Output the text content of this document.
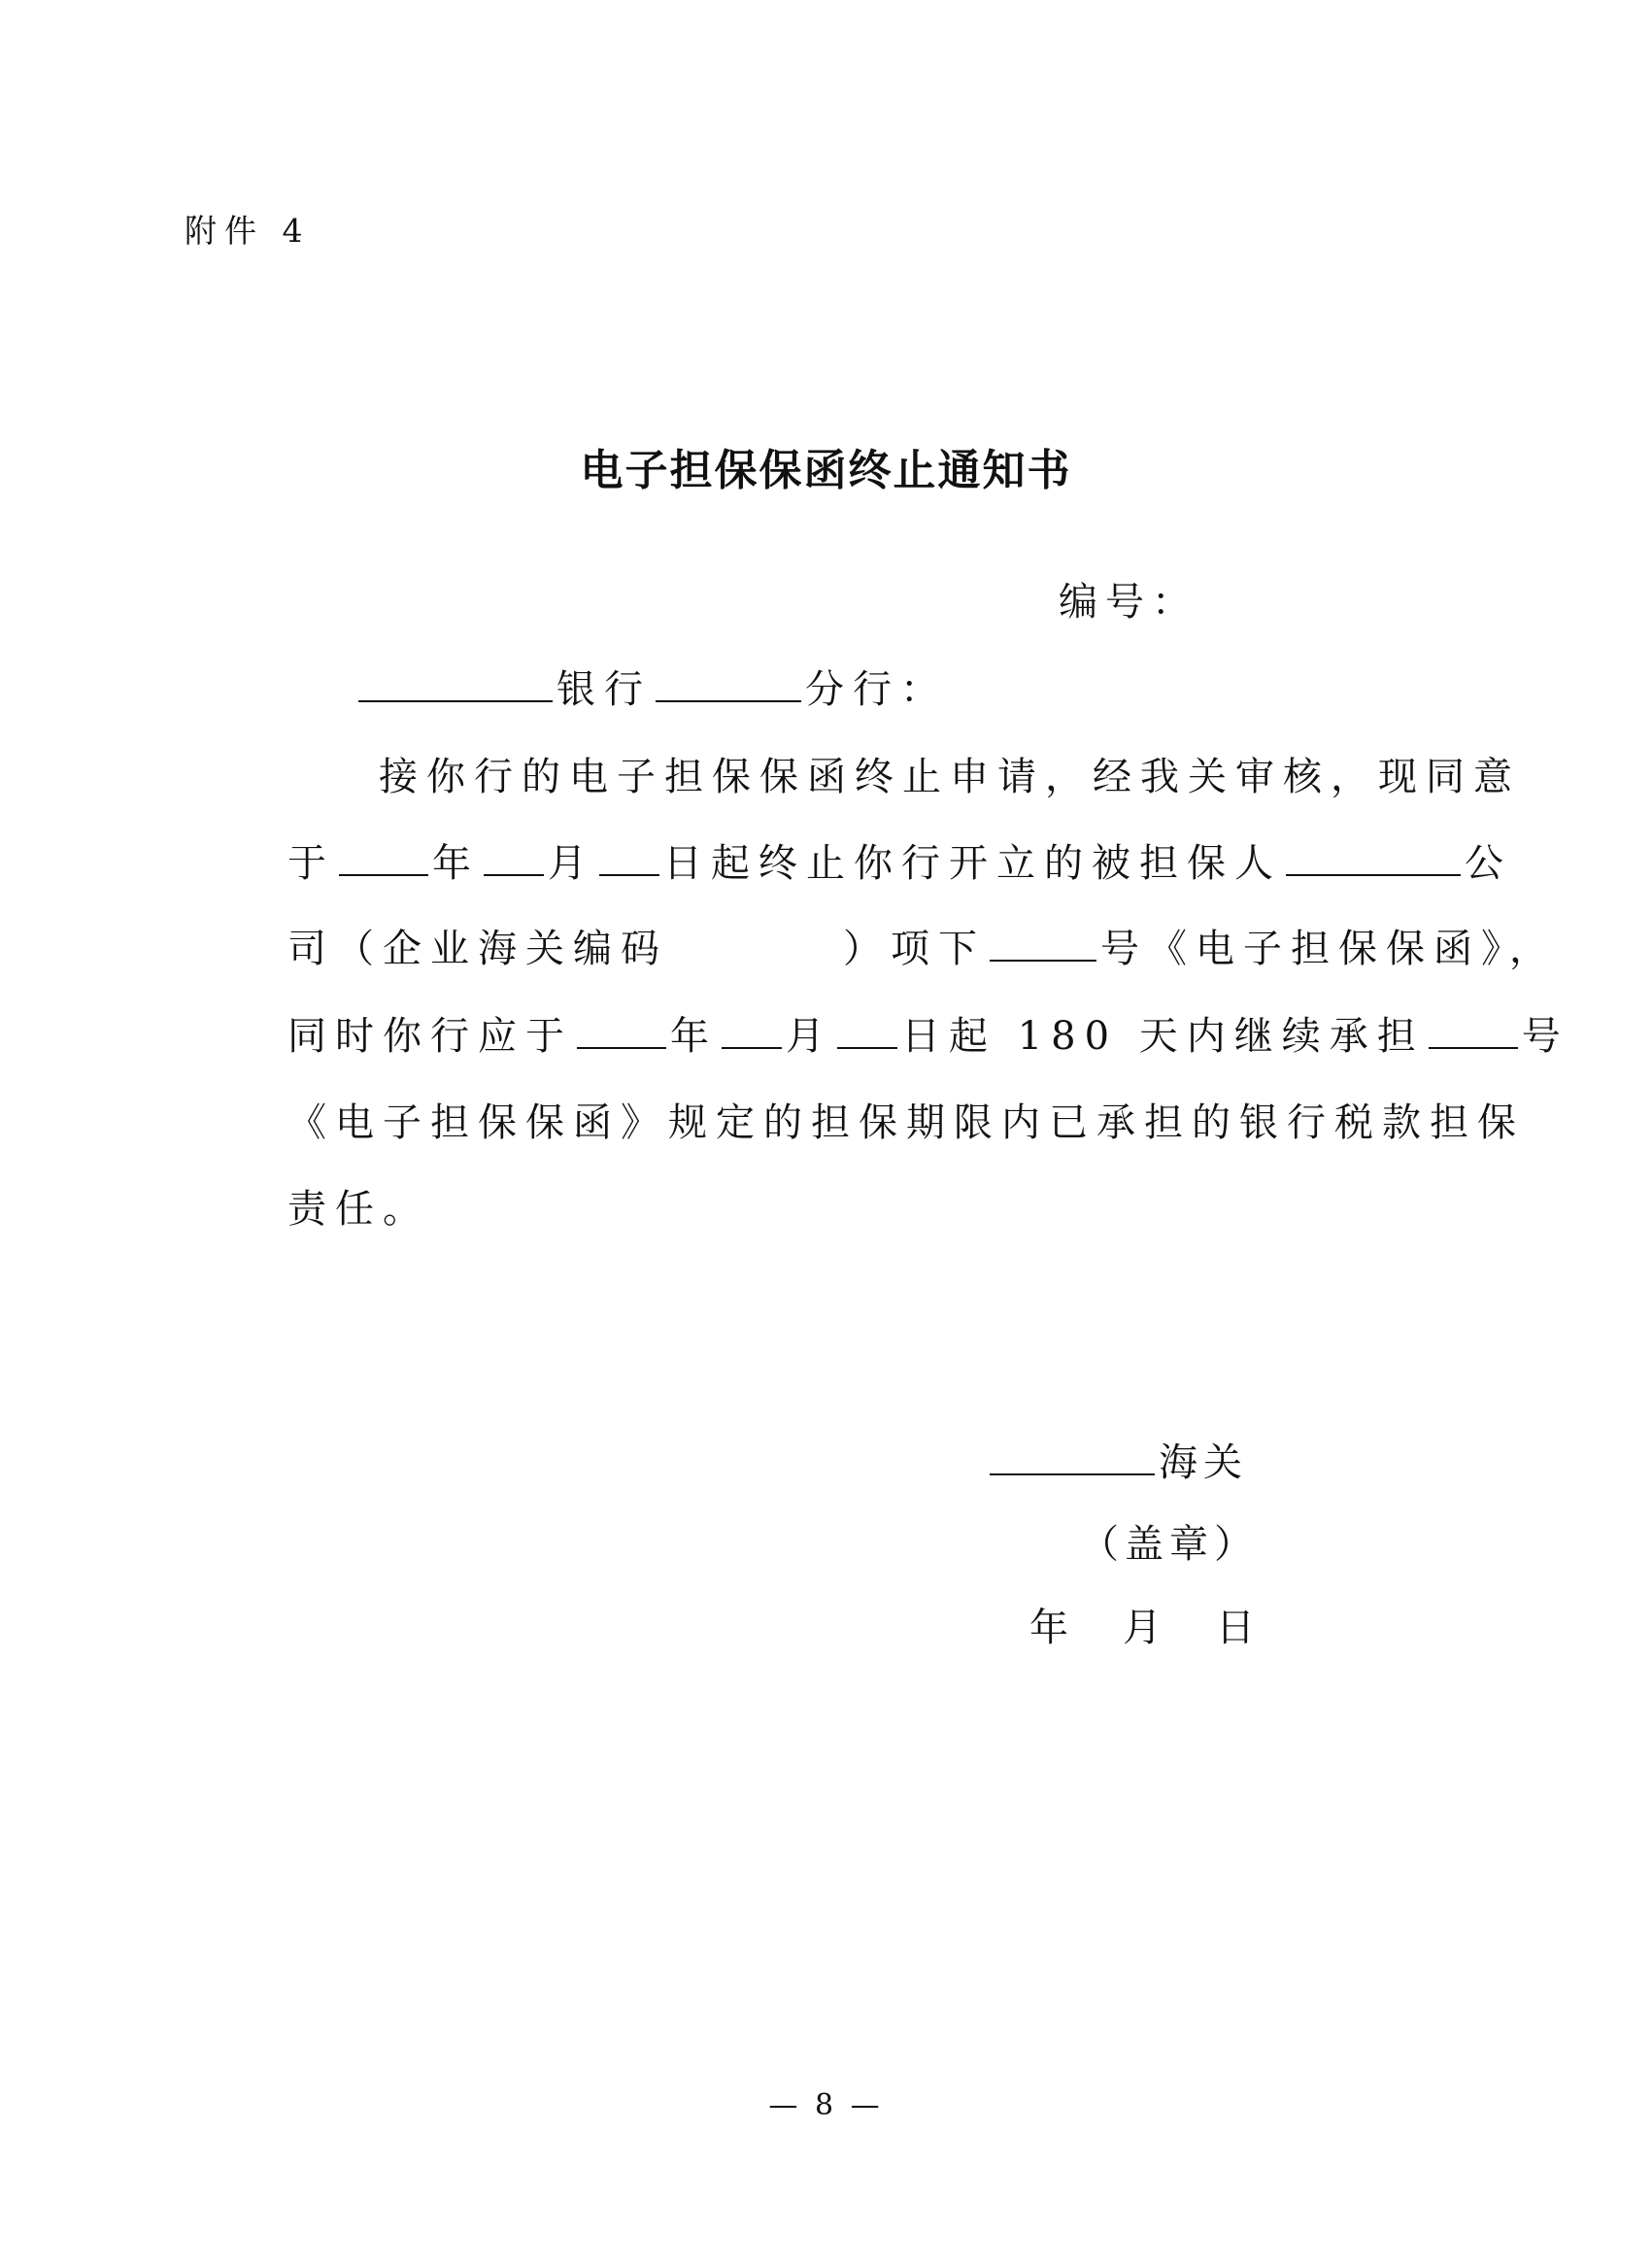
附件 4
电子担保保函终止通知书
编号：
银行	分行：
接你行的电子担保保函终止申请，经我关审核，现同意
于	年 月 日起终止你行开立的被担保人	公
司（企业海关编码	）项下	号《电子担保保函》，
同时你行应于	年 月 日起 180 天内继续承担	号
《电子担保保函》规定的担保期限内已承担的银行税款担保
责任。
海关
（盖章）
年 月 日
— 8 —
